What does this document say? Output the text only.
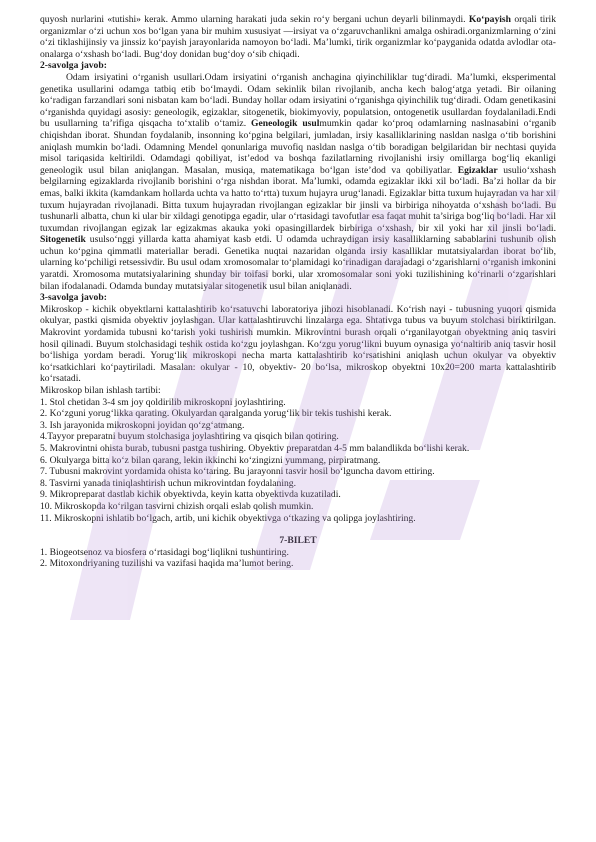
quyosh nurlarini «tutishi» kerak. Ammo ularning harakati juda sekin ro‘y bergani uchun deyarli bilinmaydi. Ko‘payish orqali tirik organizmlar o‘zi uchun xos bo‘lgan yana bir muhim xususiyat —irsiyat va o‘zgaruvchanlikni amalga oshiradi.organizmlarning o‘zini o‘zi tiklashijinsiy va jinssiz ko‘payish jarayonlarida namoyon bo‘ladi. Ma’lumki, tirik organizmlar ko‘payganida odatda avlodlar ota-onalarga o‘xshash bo‘ladi. Bug‘doy donidan bug‘doy o‘sib chiqadi.

2-savolga javob:

Odam irsiyatini o‘rganish usullari.Odam irsiyatini o‘rganish anchagina qiyinchiliklar tug‘diradi. Ma’lumki, eksperimental genetika usullarini odamga tatbiq etib bo‘lmaydi. Odam sekinlik bilan rivojlanib, ancha kech balog‘atga yetadi. Bir oilaning ko‘radigan farzandlari soni nisbatan kam bo‘ladi. Bunday hollar odam irsiyatini o‘rganishga qiyinchilik tug‘diradi. Odam genetikasini o‘rganishda quyidagi asosiy: geneologik, egizaklar, sitogenetik, biokimyoviy, populatsion, ontogenetik usullardan foydalaniladi.Endi bu usullarning ta’rifiga qisqacha to‘xtalib o‘tamiz. Geneologik usulmumkin qadar ko‘proq odamlarning naslnasabini o‘rganib chiqishdan iborat. Shundan foydalanib, insonning ko‘pgina belgilari, jumladan, irsiy kasalliklarining nasldan naslga o‘tib borishini aniqlash mumkin bo‘ladi. Odamning Mendel qonunlariga muvofiq nasldan naslga o‘tib boradigan belgilaridan bir nechtasi quyida misol tariqasida keltirildi. Odamdagi qobiliyat, ist’edod va boshqa fazilatlarning rivojlanishi irsiy omillarga bog‘liq ekanligi geneologik usul bilan aniqlangan. Masalan, musiqa, matematikaga bo‘lgan iste’dod va qobiliyatlar. Egizaklar usulio‘xshash belgilarning egizaklarda rivojlanib borishini o‘rga nishdan iborat. Ma’lumki, odamda egizaklar ikki xil bo‘ladi. Ba’zi hollar da bir emas, balki ikkita (kamdankam hollarda uchta va hatto to‘rtta) tuxum hujayra urug‘lanadi. Egizaklar bitta tuxum hujayradan va har xil tuxum hujayradan rivojlanadi. Bitta tuxum hujayradan rivojlangan egizaklar bir jinsli va birbiriga nihoyatda o‘xshash bo‘ladi. Bu tushunarli albatta, chun ki ular bir xildagi genotipga egadir, ular o‘rtasidagi tavofutlar esa faqat muhit ta’siriga bog‘liq bo‘ladi. Har xil tuxumdan rivojlangan egizak lar egizakmas akauka yoki opasingillardek birbiriga o‘xshash, bir xil yoki har xil jinsli bo‘ladi. Sitogenetik usulso‘nggi yillarda katta ahamiyat kasb etdi. U odamda uchraydigan irsiy kasalliklarning sabablarini tushunib olish uchun ko‘pgina qimmatli materiallar beradi. Genetika nuqtai nazaridan olganda irsiy kasalliklar mutatsiyalardan iborat bo‘lib, ularning ko‘pchiligi retsessivdir. Bu usul odam xromosomalar to‘plamidagi ko‘rinadigan darajadagi o‘zgarishlarni o‘rganish imkonini yaratdi. Xromosoma mutatsiyalarining shunday bir toifasi borki, ular xromosomalar soni yoki tuzilishining ko‘rinarli o‘zgarishlari bilan ifodalanadi. Odamda bunday mutatsiyalar sitogenetik usul bilan aniqlanadi.

3-savolga javob:

Mikroskop - kichik obyektlarni kattalashtirib ko‘rsatuvchi laboratoriya jihozi hisoblanadi. Ko‘rish nayi - tubusning yuqori qismida okulyar, pastki qismida obyektiv joylashgan. Ular kattalashtiruvchi linzalarga ega. Shtativga tubus va buyum stolchasi biriktirilgan. Makrovint yordamida tubusni ko‘tarish yoki tushirish mumkin. Mikrovintni burash orqali o‘rganilayotgan obyektning aniq tasviri hosil qilinadi. Buyum stolchasidagi teshik ostida ko‘zgu joylashgan. Ko‘zgu yorug‘likni buyum oynasiga yo‘naltirib aniq tasvir hosil bo‘lishiga yordam beradi. Yorug‘lik mikroskopi necha marta kattalashtirib ko‘rsatishini aniqlash uchun okulyar va obyektiv ko‘rsatkichlari ko‘paytiriladi. Masalan: okulyar - 10, obyektiv- 20 bo‘lsa, mikroskop obyektni 10x20=200 marta kattalashtirib ko‘rsatadi.

Mikroskop bilan ishlash tartibi:

1. Stol chetidan 3-4 sm joy qoldirilib mikroskopni joylashtiring.

2. Ko‘zguni yorug‘likka qarating. Okulyardan qaralganda yorug‘lik bir tekis tushishi kerak.

3. Ish jarayonida mikroskopni joyidan qo‘zg‘atmang.

4.Tayyor preparatni buyum stolchasiga joylashtiring va qisqich bilan qotiring.

5. Makrovintni ohista burab, tubusni pastga tushiring. Obyektiv preparatdan 4-5 mm balandlikda bo‘lishi kerak.

6. Okulyarga bitta ko‘z bilan qarang, lekin ikkinchi ko‘zingizni yummang, pirpiratmang.

7. Tubusni makrovint yordamida ohista ko‘taring. Bu jarayonni tasvir hosil bo‘lguncha davom ettiring.

8. Tasvirni yanada tiniqlashtirish uchun mikrovintdan foydalaning.

9. Mikropreparat dastlab kichik obyektivda, keyin katta obyektivda kuzatiladi.

10. Mikroskopda ko‘rilgan tasvirni chizish orqali eslab qolish mumkin.

11. Mikroskopni ishlatib bo‘lgach, artib, uni kichik obyektivga o‘tkazing va qolipga joylashtiring.

7-BILET

1. Biogeotsenoz va biosfera o‘rtasidagi bog‘liqlikni tushuntiring.

2. Mitoxondriyaning tuzilishi va vazifasi haqida ma’lumot bering.
